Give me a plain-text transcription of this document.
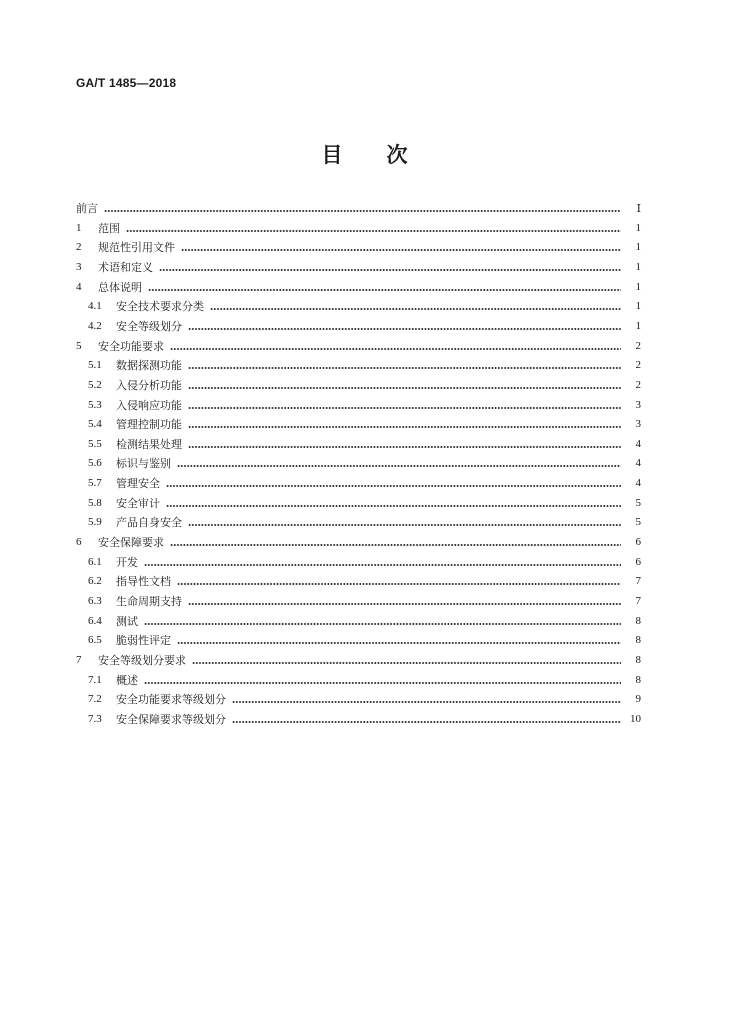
GA/T 1485—2018
目 次
前言	Ⅰ
1	范围	1
2	规范性引用文件	1
3	术语和定义	1
4	总体说明	1
4.1	安全技术要求分类	1
4.2	安全等级划分	1
5	安全功能要求	2
5.1	数据探测功能	2
5.2	入侵分析功能	2
5.3	入侵响应功能	3
5.4	管理控制功能	3
5.5	检测结果处理	4
5.6	标识与鉴别	4
5.7	管理安全	4
5.8	安全审计	5
5.9	产品自身安全	5
6	安全保障要求	6
6.1	开发	6
6.2	指导性文档	7
6.3	生命周期支持	7
6.4	测试	8
6.5	脆弱性评定	8
7	安全等级划分要求	8
7.1	概述	8
7.2	安全功能要求等级划分	9
7.3	安全保障要求等级划分	10
